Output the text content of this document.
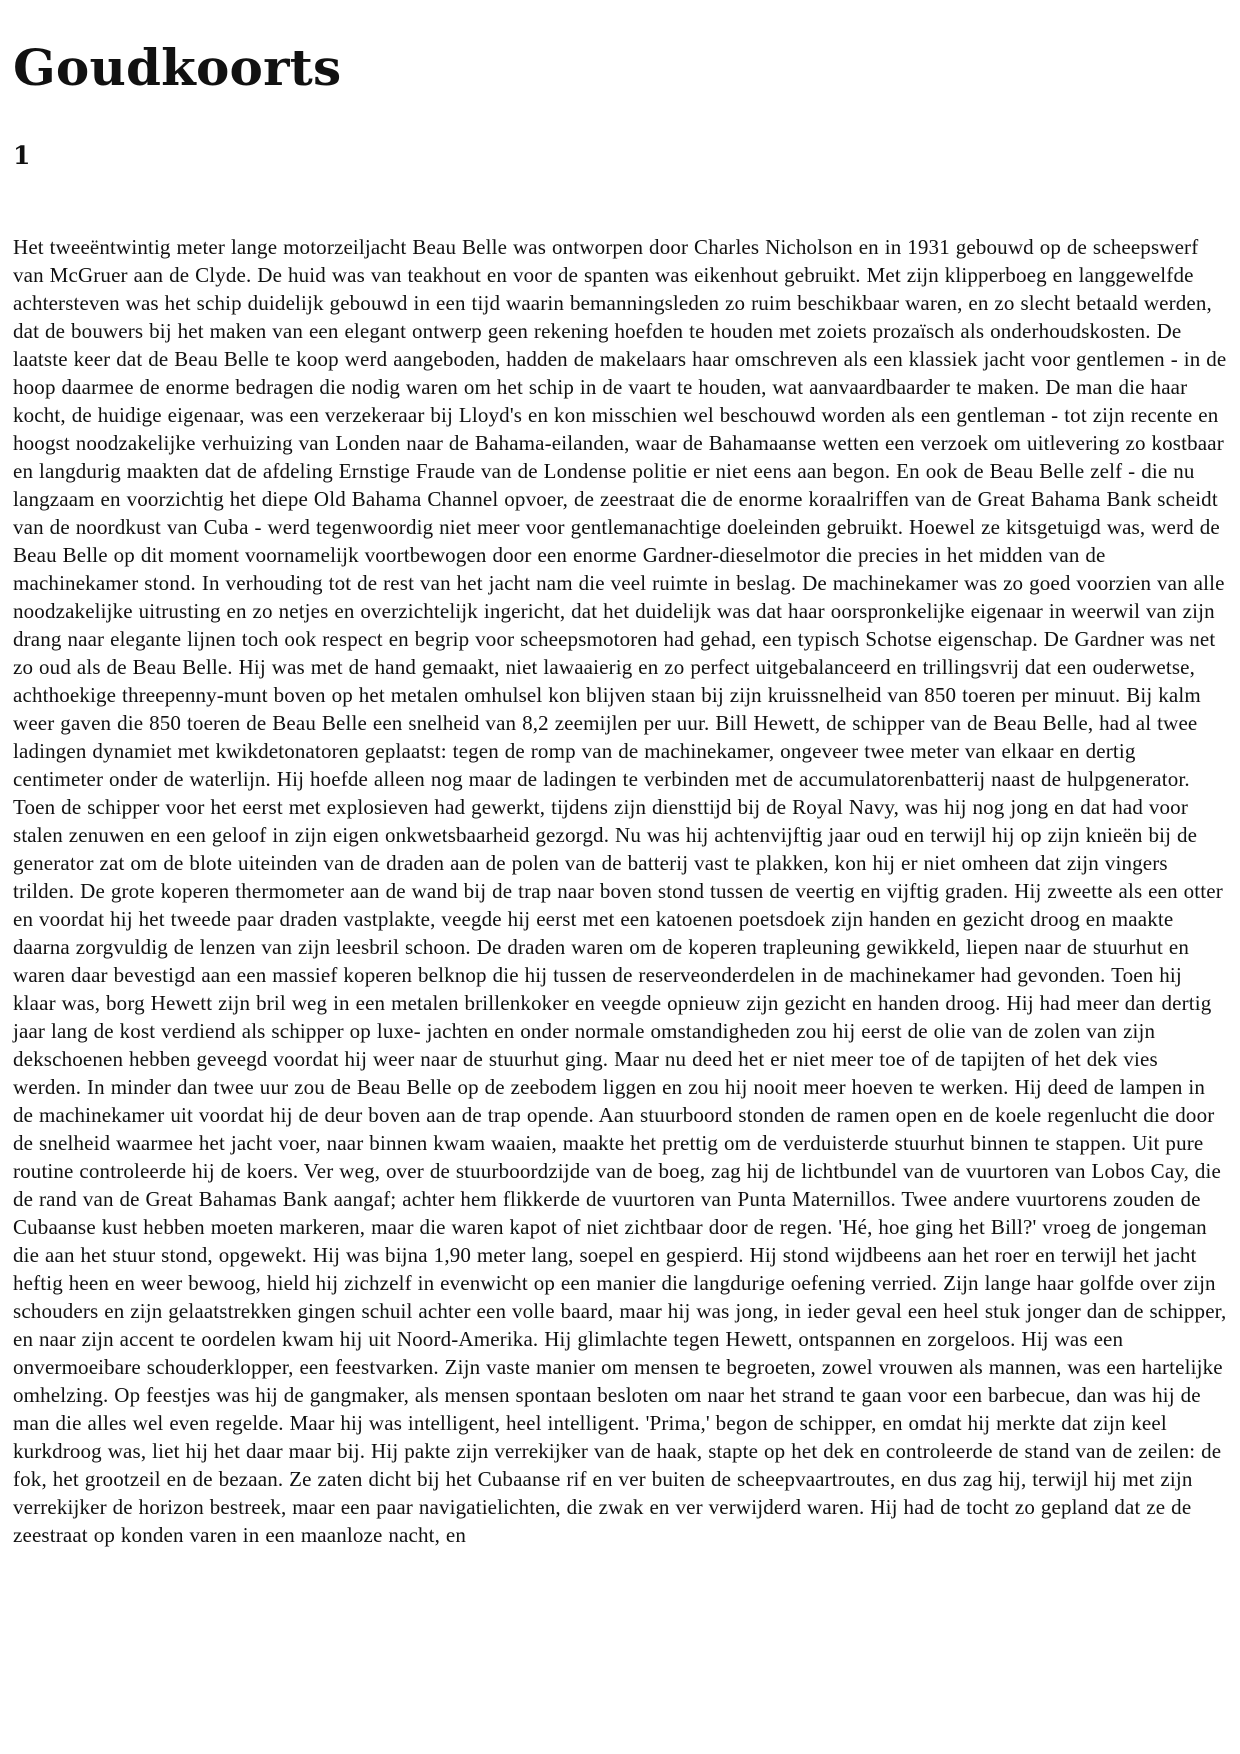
Goudkoorts
1

Het tweeëntwintig meter lange motorzeiljacht Beau Belle was ontworpen door Charles Nicholson en in 1931 gebouwd op de scheepswerf van McGruer aan de Clyde. De huid was van teakhout en voor de spanten was eikenhout gebruikt. Met zijn klipperboeg en langgewelfde achtersteven was het schip duidelijk gebouwd in een tijd waarin bemanningsleden zo ruim beschikbaar waren, en zo slecht betaald werden, dat de bouwers bij het maken van een elegant ontwerp geen rekening hoefden te houden met zoiets prozaïsch als onderhoudskosten. De laatste keer dat de Beau Belle te koop werd aangeboden, hadden de makelaars haar omschreven als een klassiek jacht voor gentlemen - in de hoop daarmee de enorme bedragen die nodig waren om het schip in de vaart te houden, wat aanvaardbaarder te maken. De man die haar kocht, de huidige eigenaar, was een verzekeraar bij Lloyd's en kon misschien wel beschouwd worden als een gentleman - tot zijn recente en hoogst noodzakelijke verhuizing van Londen naar de Bahama-eilanden, waar de Bahamaanse wetten een verzoek om uitlevering zo kostbaar en langdurig maakten dat de afdeling Ernstige Fraude van de Londense politie er niet eens aan begon. En ook de Beau Belle zelf - die nu langzaam en voorzichtig het diepe Old Bahama Channel opvoer, de zeestraat die de enorme koraalriffen van de Great Bahama Bank scheidt van de noordkust van Cuba - werd tegenwoordig niet meer voor gentlemanachtige doeleinden gebruikt. Hoewel ze kitsgetuigd was, werd de Beau Belle op dit moment voornamelijk voortbewogen door een enorme Gardner-dieselmotor die precies in het midden van de machinekamer stond. In verhouding tot de rest van het jacht nam die veel ruimte in beslag. De machinekamer was zo goed voorzien van alle noodzakelijke uitrusting en zo netjes en overzichtelijk ingericht, dat het duidelijk was dat haar oorspronkelijke eigenaar in weerwil van zijn drang naar elegante lijnen toch ook respect en begrip voor scheepsmotoren had gehad, een typisch Schotse eigenschap. De Gardner was net zo oud als de Beau Belle. Hij was met de hand gemaakt, niet lawaaierig en zo perfect uitgebalanceerd en trillingsvrij dat een ouderwetse, achthoekige threepenny-munt boven op het metalen omhulsel kon blijven staan bij zijn kruissnelheid van 850 toeren per minuut. Bij kalm weer gaven die 850 toeren de Beau Belle een snelheid van 8,2 zeemijlen per uur. Bill Hewett, de schipper van de Beau Belle, had al twee ladingen dynamiet met kwikdetonatoren geplaatst: tegen de romp van de machinekamer, ongeveer twee meter van elkaar en dertig centimeter onder de waterlijn. Hij hoefde alleen nog maar de ladingen te verbinden met de accumulatorenbatterij naast de hulpgenerator. Toen de schipper voor het eerst met explosieven had gewerkt, tijdens zijn diensttijd bij de Royal Navy, was hij nog jong en dat had voor stalen zenuwen en een geloof in zijn eigen onkwetsbaarheid gezorgd. Nu was hij achtenvijftig jaar oud en terwijl hij op zijn knieën bij de generator zat om de blote uiteinden van de draden aan de polen van de batterij vast te plakken, kon hij er niet omheen dat zijn vingers trilden. De grote koperen thermometer aan de wand bij de trap naar boven stond tussen de veertig en vijftig graden. Hij zweette als een otter en voordat hij het tweede paar draden vastplakte, veegde hij eerst met een katoenen poetsdoek zijn handen en gezicht droog en maakte daarna zorgvuldig de lenzen van zijn leesbril schoon. De draden waren om de koperen trapleuning gewikkeld, liepen naar de stuurhut en waren daar bevestigd aan een massief koperen belknop die hij tussen de reserveonderdelen in de machinekamer had gevonden. Toen hij klaar was, borg Hewett zijn bril weg in een metalen brillenkoker en veegde opnieuw zijn gezicht en handen droog. Hij had meer dan dertig jaar lang de kost verdiend als schipper op luxe- jachten en onder normale omstandigheden zou hij eerst de olie van de zolen van zijn dekschoenen hebben geveegd voordat hij weer naar de stuurhut ging. Maar nu deed het er niet meer toe of de tapijten of het dek vies werden. In minder dan twee uur zou de Beau Belle op de zeebodem liggen en zou hij nooit meer hoeven te werken. Hij deed de lampen in de machinekamer uit voordat hij de deur boven aan de trap opende. Aan stuurboord stonden de ramen open en de koele regenlucht die door de snelheid waarmee het jacht voer, naar binnen kwam waaien, maakte het prettig om de verduisterde stuurhut binnen te stappen. Uit pure routine controleerde hij de koers. Ver weg, over de stuurboordzijde van de boeg, zag hij de lichtbundel van de vuurtoren van Lobos Cay, die de rand van de Great Bahamas Bank aangaf; achter hem flikkerde de vuurtoren van Punta Maternillos. Twee andere vuurtorens zouden de Cubaanse kust hebben moeten markeren, maar die waren kapot of niet zichtbaar door de regen. 'Hé, hoe ging het Bill?' vroeg de jongeman die aan het stuur stond, opgewekt. Hij was bijna 1,90 meter lang, soepel en gespierd. Hij stond wijdbeens aan het roer en terwijl het jacht heftig heen en weer bewoog, hield hij zichzelf in evenwicht op een manier die langdurige oefening verried. Zijn lange haar golfde over zijn schouders en zijn gelaatstrekken gingen schuil achter een volle baard, maar hij was jong, in ieder geval een heel stuk jonger dan de schipper, en naar zijn accent te oordelen kwam hij uit Noord-Amerika. Hij glimlachte tegen Hewett, ontspannen en zorgeloos. Hij was een onvermoeibare schouderklopper, een feestvarken. Zijn vaste manier om mensen te begroeten, zowel vrouwen als mannen, was een hartelijke omhelzing. Op feestjes was hij de gangmaker, als mensen spontaan besloten om naar het strand te gaan voor een barbecue, dan was hij de man die alles wel even regelde. Maar hij was intelligent, heel intelligent. 'Prima,' begon de schipper, en omdat hij merkte dat zijn keel kurkdroog was, liet hij het daar maar bij. Hij pakte zijn verrekijker van de haak, stapte op het dek en controleerde de stand van de zeilen: de fok, het grootzeil en de bezaan. Ze zaten dicht bij het Cubaanse rif en ver buiten de scheepvaartroutes, en dus zag hij, terwijl hij met zijn verrekijker de horizon bestreek, maar een paar navigatielichten, die zwak en ver verwijderd waren. Hij had de tocht zo gepland dat ze de zeestraat op konden varen in een maanloze nacht, en
